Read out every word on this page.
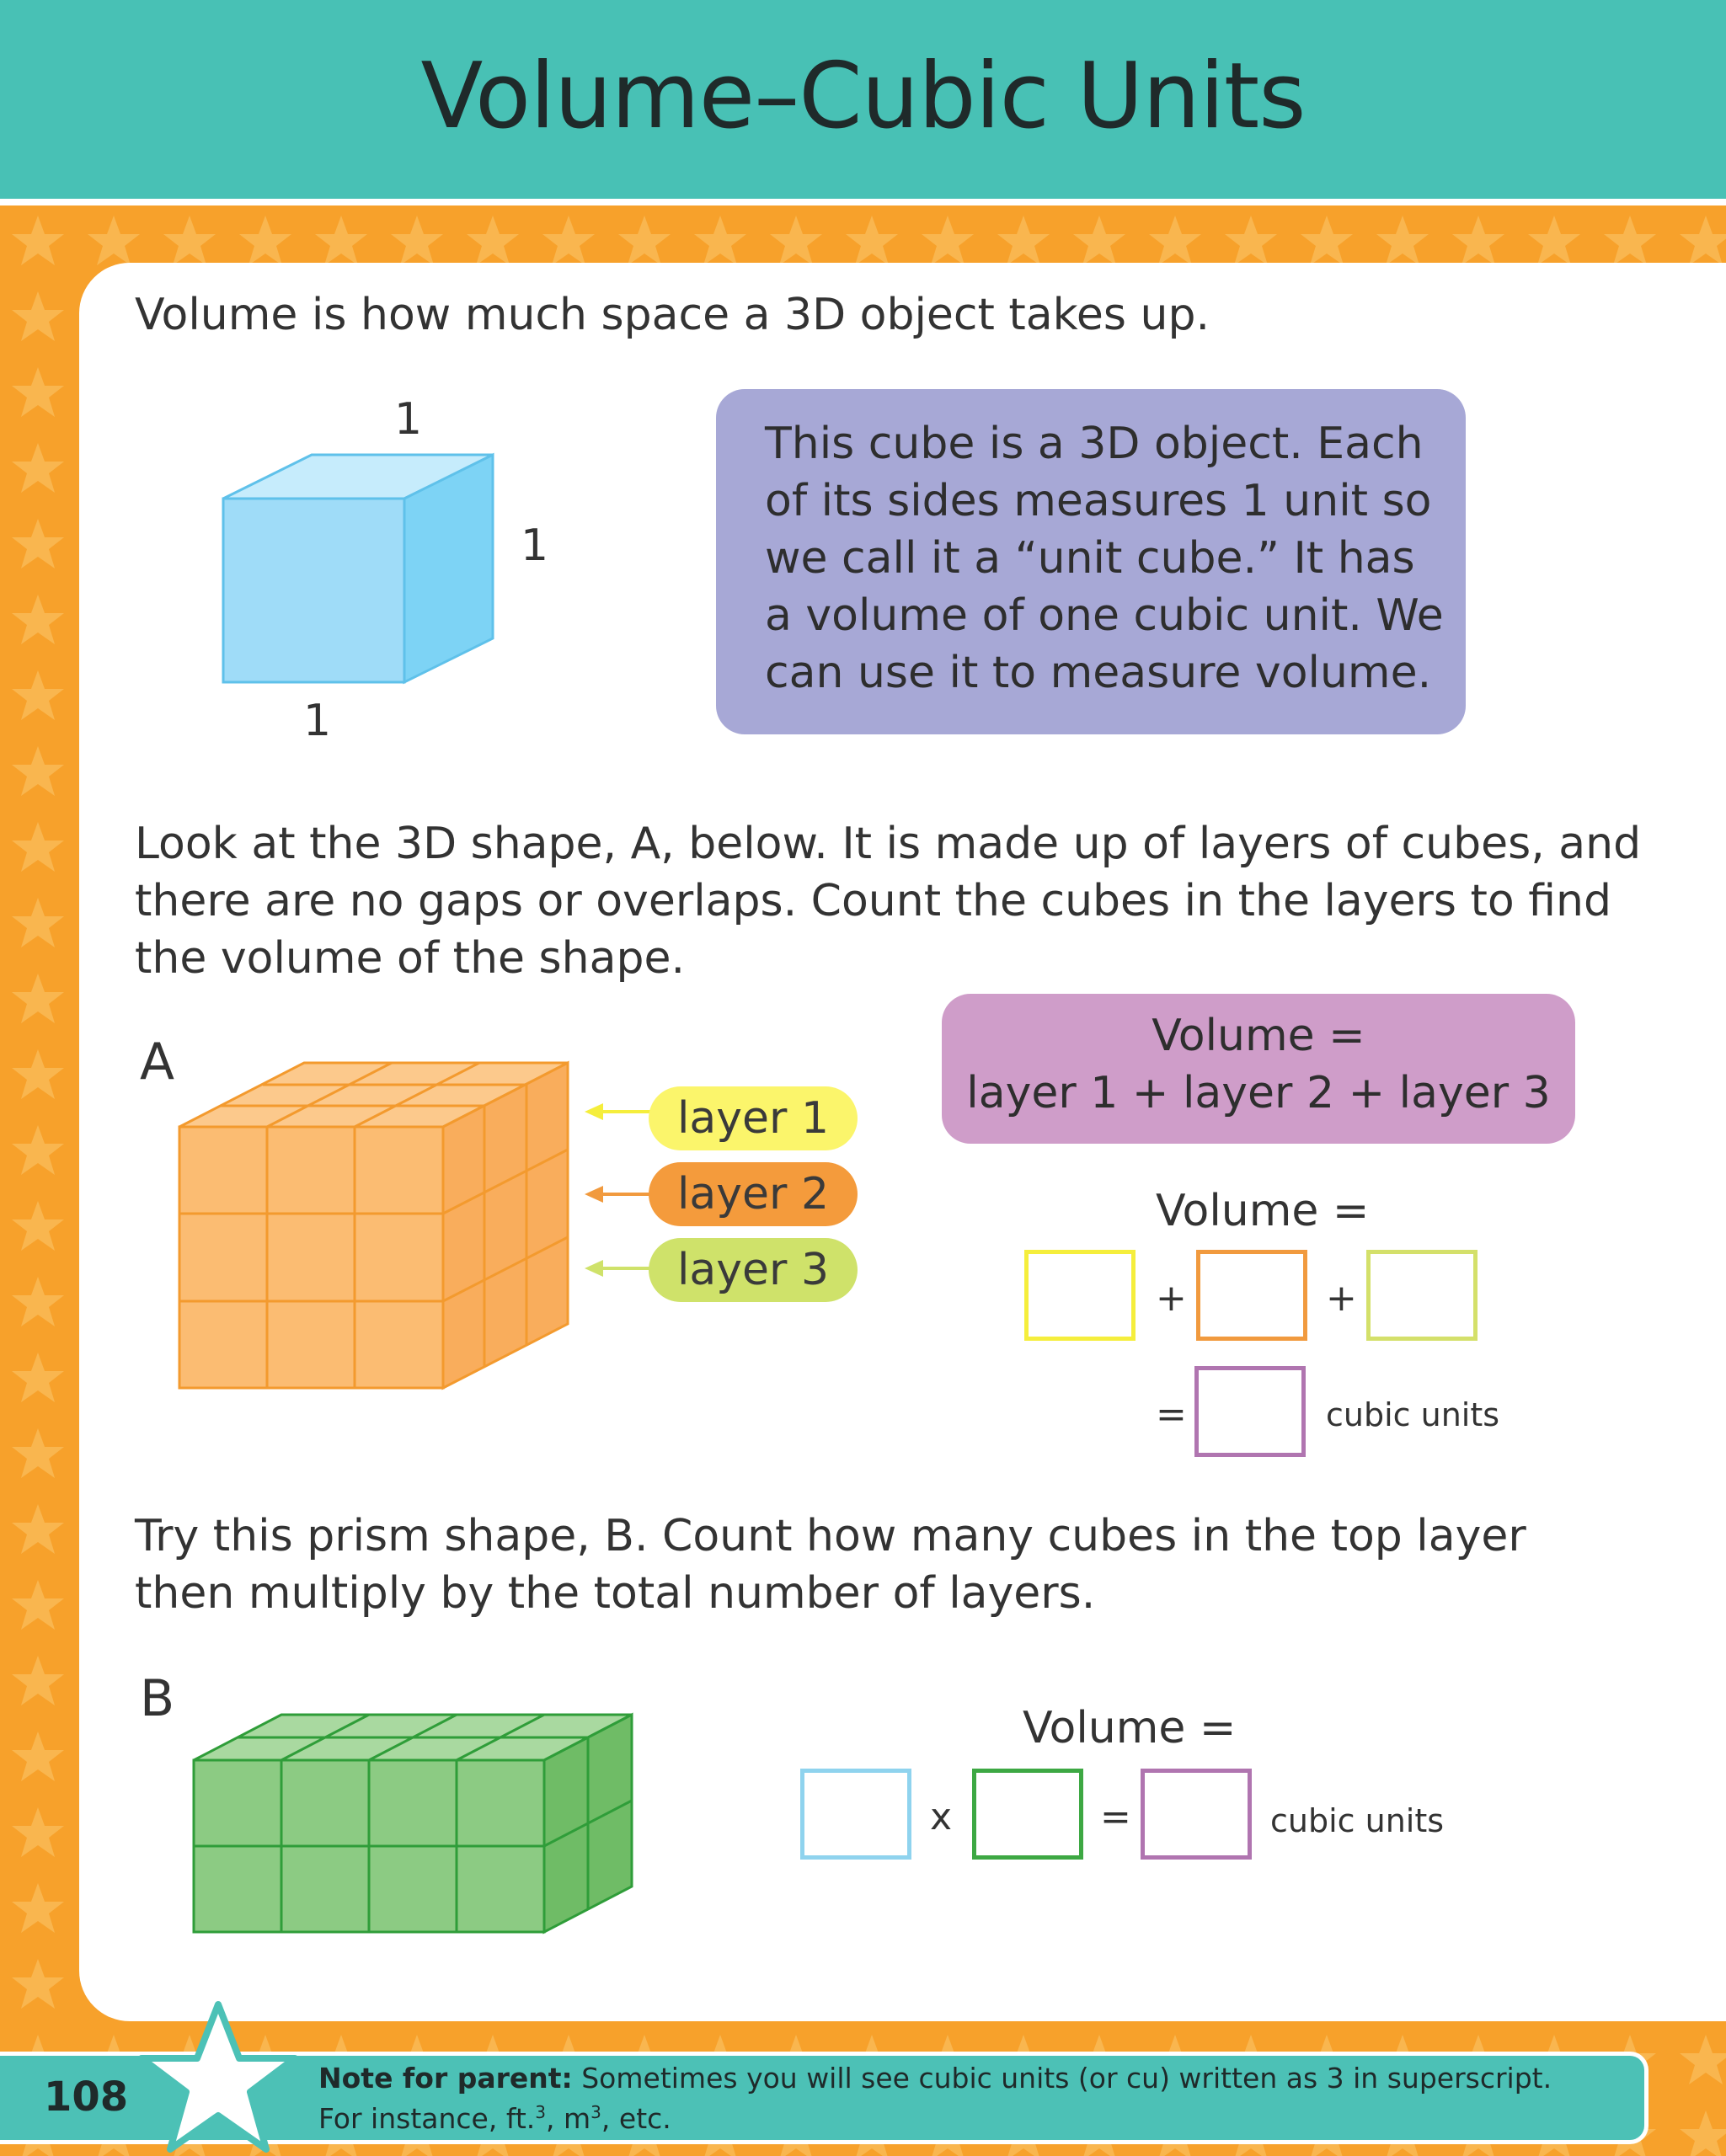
Volume–Cubic Units
Volume is how much space a 3D object takes up.
1
1
1
This cube is a 3D object. Each
of its sides measures 1 unit so
we call it a “unit cube.” It has
a volume of one cubic unit. We
can use it to measure volume.
Look at the 3D shape, A, below. It is made up of layers of cubes, and
there are no gaps or overlaps. Count the cubes in the layers to find
the volume of the shape.
A
layer 1
layer 2
layer 3
Volume =
layer 1 + layer 2 + layer 3
Volume =
+	+
=	cubic units
Try this prism shape, B. Count how many cubes in the top layer
then multiply by the total number of layers.
B	Volume =
x	=	cubic units
108	Note for parent: Sometimes you will see cubic units (or cu) written as 3 in superscript.
For instance, ft.$^3$, $m^3$, etc.
